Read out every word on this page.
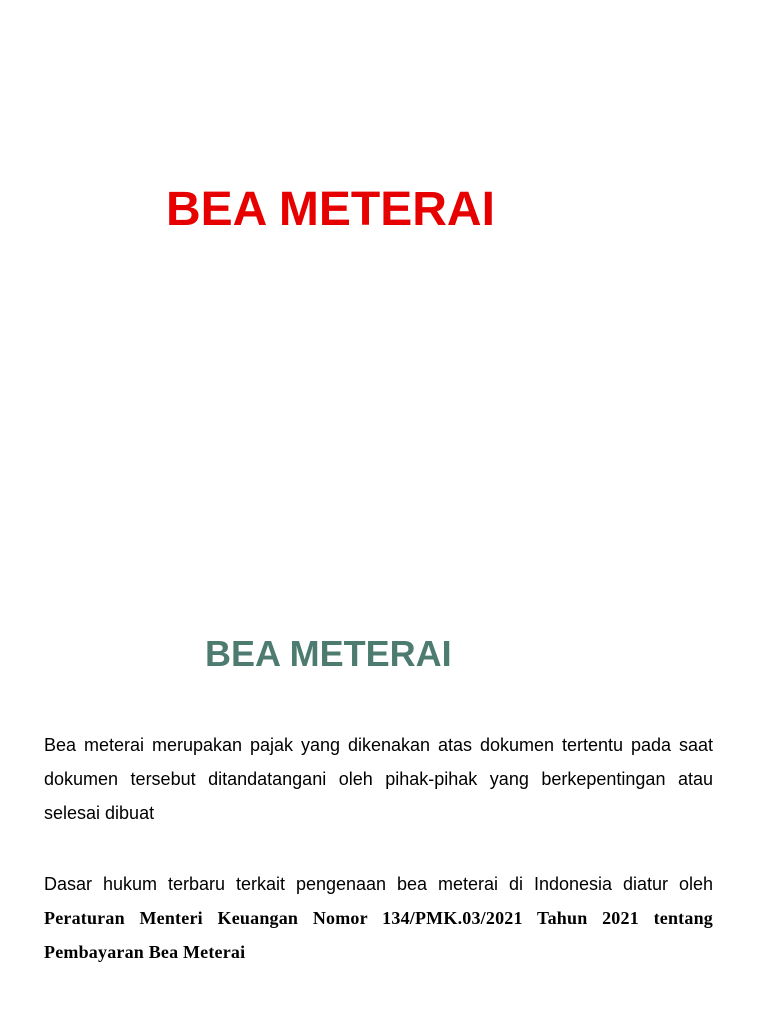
BEA METERAI
BEA METERAI

Bea meterai merupakan pajak yang dikenakan atas dokumen tertentu pada saat dokumen tersebut ditandatangani oleh pihak-pihak yang berkepentingan atau selesai dibuat

Dasar hukum terbaru terkait pengenaan bea meterai di Indonesia diatur oleh Peraturan Menteri Keuangan Nomor 134/PMK.03/2021 Tahun 2021 tentang Pembayaran Bea Meterai
